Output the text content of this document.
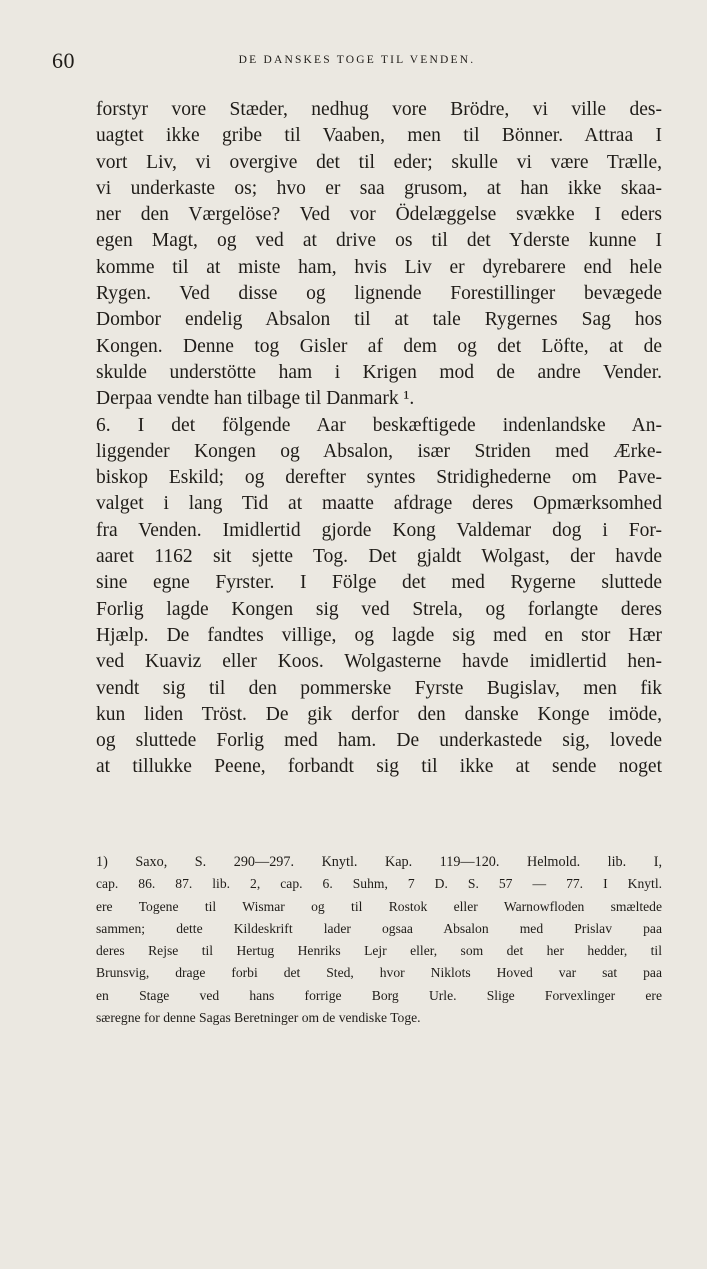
60	DE DANSKES TOGE TIL VENDEN.
forstyr vore Stæder, nedhug vore Brödre, vi ville des-
uagtet ikke gribe til Vaaben, men til Bönner. Attraa I
vort Liv, vi overgive det til eder; skulle vi være Trælle,
vi underkaste os; hvo er saa grusom, at han ikke skaa-
ner den Værgelöse? Ved vor Ödelæggelse svække I eders
egen Magt, og ved at drive os til det Yderste kunne I
komme til at miste ham, hvis Liv er dyrebarere end hele
Rygen. Ved disse og lignende Forestillinger bevægede
Dombor endelig Absalon til at tale Rygernes Sag hos
Kongen. Denne tog Gisler af dem og det Löfte, at de
skulde understötte ham i Krigen mod de andre Vender.
Derpaa vendte han tilbage til Danmark ¹.
6. I det fölgende Aar beskæftigede indenlandske An-
liggender Kongen og Absalon, især Striden med Ærke-
biskop Eskild; og derefter syntes Stridighederne om Pave-
valget i lang Tid at maatte afdrage deres Opmærksomhed
fra Venden. Imidlertid gjorde Kong Valdemar dog i For-
aaret 1162 sit sjette Tog. Det gjaldt Wolgast, der havde
sine egne Fyrster. I Fölge det med Rygerne sluttede
Forlig lagde Kongen sig ved Strela, og forlangte deres
Hjælp. De fandtes villige, og lagde sig med en stor Hær
ved Kuaviz eller Koos. Wolgasterne havde imidlertid hen-
vendt sig til den pommerske Fyrste Bugislav, men fik
kun liden Tröst. De gik derfor den danske Konge imöde,
og sluttede Forlig med ham. De underkastede sig, lovede
at tillukke Peene, forbandt sig til ikke at sende noget
1) Saxo, S. 290—297. Knytl. Kap. 119—120. Helmold. lib. I,
cap. 86. 87. lib. 2, cap. 6. Suhm, 7 D. S. 57 — 77. I Knytl.
ere Togene til Wismar og til Rostok eller Warnowfloden smæltede
sammen; dette Kildeskrift lader ogsaa Absalon med Prislav paa
deres Rejse til Hertug Henriks Lejr eller, som det her hedder, til
Brunsvig, drage forbi det Sted, hvor Niklots Hoved var sat paa
en Stage ved hans forrige Borg Urle. Slige Forvexlinger ere
særegne for denne Sagas Beretninger om de vendiske Toge.
